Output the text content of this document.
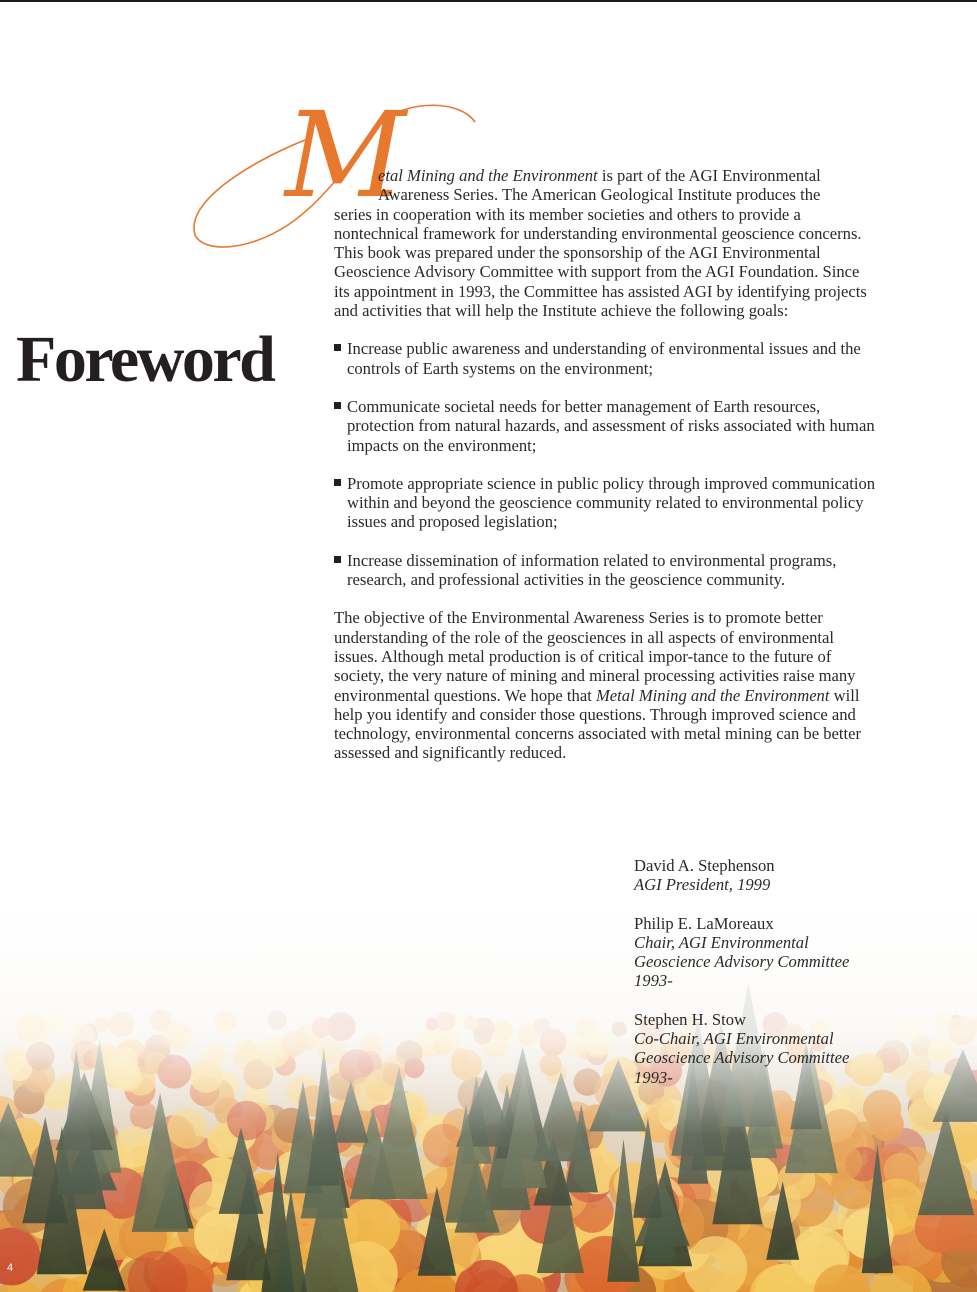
Foreword
M

etal Mining and the Environment is part of the AGI Environmental
Awareness Series. The American Geological Institute produces the
series in cooperation with its member societies and others to provide a nontechnical framework for understanding environmental geoscience concerns. This book was prepared under the sponsorship of the AGI Environmental Geoscience Advisory Committee with support from the AGI Foundation. Since its appointment in 1993, the Committee has assisted AGI by identifying projects and activities that will help the Institute achieve the following goals:

Increase public awareness and understanding of environmental issues and the controls of Earth systems on the environment;
Communicate societal needs for better management of Earth resources, protection from natural hazards, and assessment of risks associated with human impacts on the environment;
Promote appropriate science in public policy through improved communication within and beyond the geoscience community related to environmental policy issues and proposed legislation;
Increase dissemination of information related to environmental programs, research, and professional activities in the geoscience community.

The objective of the Environmental Awareness Series is to promote better understanding of the role of the geosciences in all aspects of environmental issues. Although metal production is of critical impor-tance to the future of society, the very nature of mining and mineral processing activities raise many environmental questions. We hope that Metal Mining and the Environment will help you identify and consider those questions. Through improved science and technology, environmental concerns associated with metal mining can be better assessed and significantly reduced.

David A. Stephenson
AGI President, 1999
Philip E. LaMoreaux
Chair, AGI Environmental
Geoscience Advisory Committee
1993-
Stephen H. Stow
Co-Chair, AGI Environmental
Geoscience Advisory Committee
1993-
4
